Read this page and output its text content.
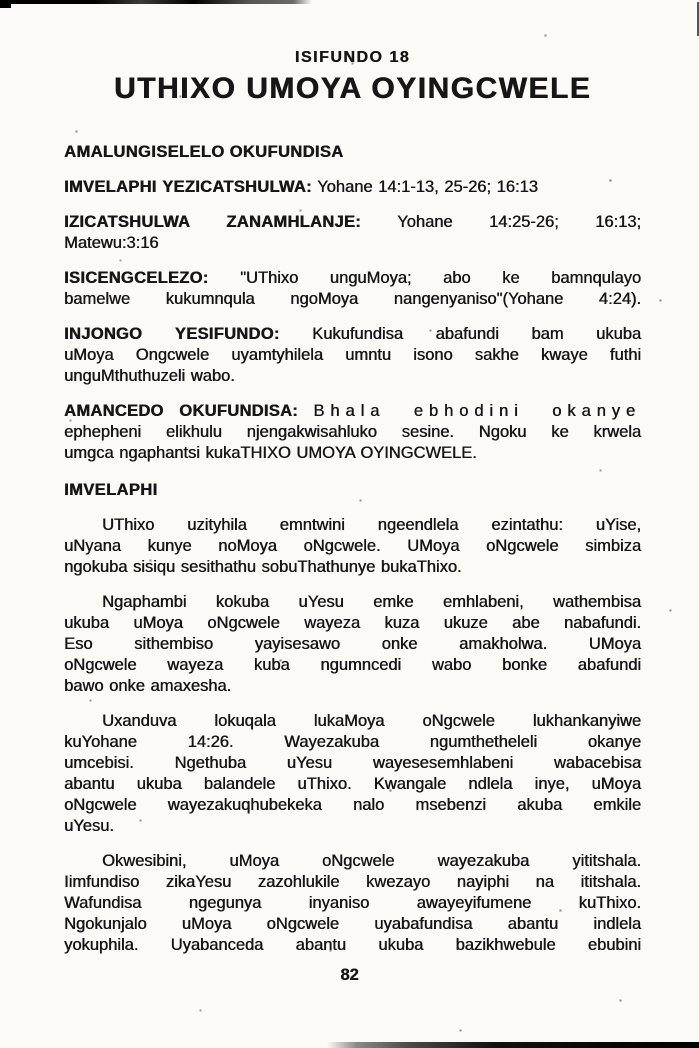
ISIFUNDO 18
UTHIXO UMOYA OYINGCWELE
AMALUNGISELELO OKUFUNDISA
IMVELAPHI YEZICATSHULWA: Yohane 14:1-13, 25-26; 16:13
IZICATSHULWA ZANAMHLANJE: Yohane 14:25-26; 16:13;
Matewu:3:16
ISICENGCELEZO: "UThixo unguMoya; abo ke bamnqulayo
bamelwe kukumnqula ngoMoya nangenyaniso"(Yohane 4:24).
INJONGO YESIFUNDO: Kukufundisa abafundi bam ukuba
uMoya Ongcwele uyamtyhilela umntu isono sakhe kwaye futhi
unguMthuthuzeli wabo.
AMANCEDO OKUFUNDISA: Bhala ebhodini okanye
ephepheni elikhulu njengakwisahluko sesine. Ngoku ke krwela
umgca ngaphantsi kukaTHIXO UMOYA OYINGCWELE.
IMVELAPHI
UThixo uzityhila emntwini ngeendlela ezintathu: uYise,
uNyana kunye noMoya oNgcwele. UMoya oNgcwele simbiza
ngokuba sisiqu sesithathu sobuThathunye bukaThixo.
Ngaphambi kokuba uYesu emke emhlabeni, wathembisa
ukuba uMoya oNgcwele wayeza kuza ukuze abe nabafundi.
Eso sithembiso yayisesawo onke amakholwa. UMoya
oNgcwele wayeza kuba ngumncedi wabo bonke abafundi
bawo onke amaxesha.
Uxanduva lokuqala lukaMoya oNgcwele lukhankanyiwe
kuYohane 14:26. Wayezakuba ngumthetheleli okanye
umcebisi. Ngethuba uYesu wayesesemhlabeni wabacebisa
abantu ukuba balandele uThixo. Kwangale ndlela inye, uMoya
oNgcwele wayezakuqhubekeka nalo msebenzi akuba emkile
uYesu.
Okwesibini, uMoya oNgcwele wayezakuba yititshala.
Iimfundiso zikaYesu zazohlukile kwezayo nayiphi na ititshala.
Wafundisa ngegunya inyaniso awayeyifumene kuThixo.
Ngokunjalo uMoya oNgcwele uyabafundisa abantu indlela
yokuphila. Uyabanceda abantu ukuba bazikhwebule ebubini
82
